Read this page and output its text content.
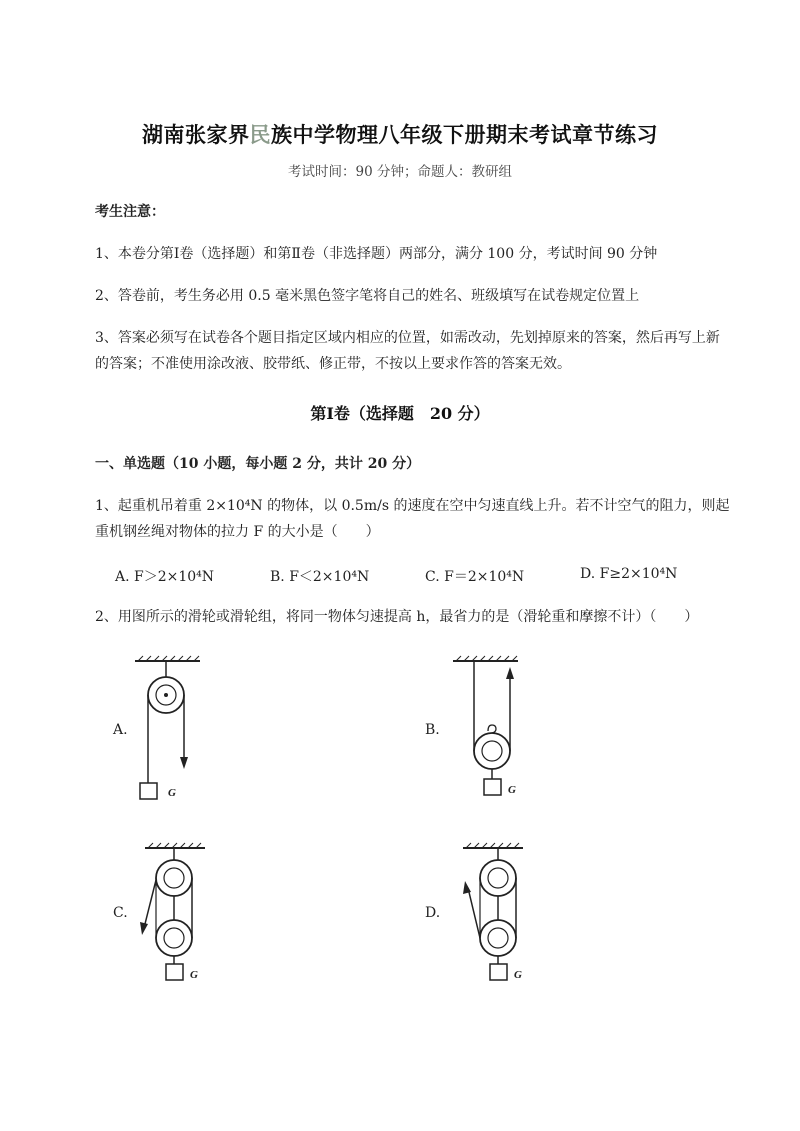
湖南张家界民族中学物理八年级下册期末考试章节练习
考试时间：90 分钟；命题人：教研组
考生注意：
1、本卷分第Ⅰ卷（选择题）和第Ⅱ卷（非选择题）两部分，满分 100 分，考试时间 90 分钟
2、答卷前，考生务必用 0.5 毫米黑色签字笔将自己的姓名、班级填写在试卷规定位置上
3、答案必须写在试卷各个题目指定区域内相应的位置，如需改动，先划掉原来的答案，然后再写上新
的答案；不准使用涂改液、胶带纸、修正带，不按以上要求作答的答案无效。
第Ⅰ卷（选择题　20 分）
一、单选题（10 小题，每小题 2 分，共计 20 分）
1、起重机吊着重 2×10⁴N 的物体，以 0.5m/s 的速度在空中匀速直线上升。若不计空气的阻力，则起
重机钢丝绳对物体的拉力 F 的大小是（　　）
A. F＞2×10⁴N	B. F＜2×10⁴N	C. F＝2×10⁴N	D. F≥2×10⁴N
2、用图所示的滑轮或滑轮组，将同一物体匀速提高 h，最省力的是（滑轮重和摩擦不计）（　　）
A.
G
B.
G
C.
G
D.
G
